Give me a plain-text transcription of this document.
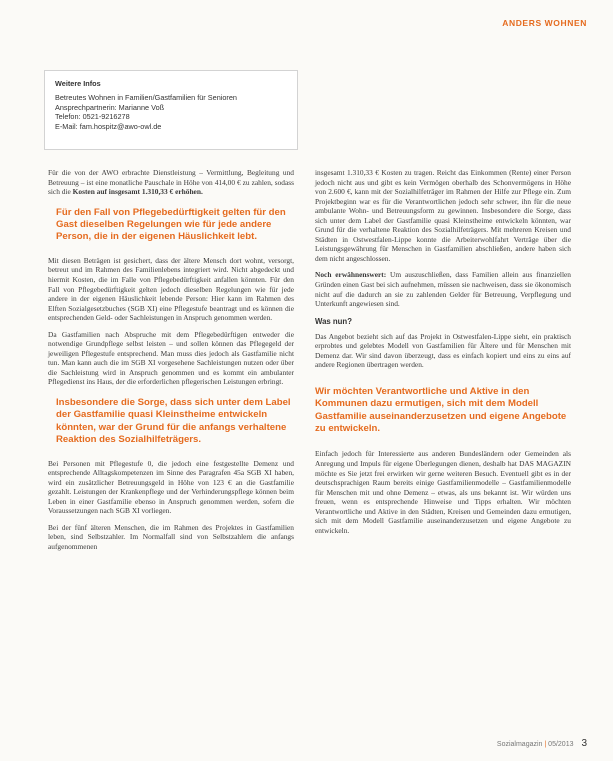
ANDERS WOHNEN
Weitere Infos
Betreutes Wohnen in Familien/Gastfamilien für Senioren
Ansprechpartnerin: Marianne Voß
Telefon: 0521-9216278
E-Mail: fam.hospitz@awo-owl.de

Für die von der AWO erbrachte Dienstleistung – Vermittlung, Begleitung und Betreuung – ist eine monatliche Pauschale in Höhe von 414,00 € zu zahlen, sodass sich die Kosten auf insgesamt 1.310,33 € erhöhen.

Für den Fall von Pflegebedürftigkeit gelten für den Gast dieselben Regelungen wie für jede andere Person, die in der eigenen Häuslichkeit lebt.

Mit diesen Beträgen ist gesichert, dass der ältere Mensch dort wohnt, versorgt, betreut und im Rahmen des Familienlebens integriert wird. Nicht abgedeckt und hiermit Kosten, die im Falle von Pflegebedürftigkeit anfallen könnten. Für den Fall von Pflegebedürftigkeit gelten jedoch dieselben Regelungen wie für jede andere in der eigenen Häuslichkeit lebende Person: Hier kann im Rahmen des Elften Sozialgesetzbuches (SGB XI) eine Pflegestufe beantragt und es können die entsprechenden Geld- oder Sachleistungen in Anspruch genommen werden.

Da Gastfamilien nach Abspruche mit dem Pflegebedürftigen entweder die notwendige Grundpflege selbst leisten – und sollen können das Pflegegeld der jeweiligen Pflegestufe entsprechend. Man muss dies jedoch als Gastfamilie nicht tun. Man kann auch die im SGB XI vorgesehene Sachleistungen nutzen oder über die Sachleistung wird in Anspruch genommen und es kommt ein ambulanter Pflegedienst ins Haus, der die erforderlichen pflegerischen Leistungen erbringt.

Insbesondere die Sorge, dass sich unter dem Label der Gastfamilie quasi Kleinstheime entwickeln könnten, war der Grund für die anfangs verhaltene Reaktion des Sozialhilfeträgers.

Bei Personen mit Pflegestufe 0, die jedoch eine festgestellte Demenz und entsprechende Alltagskompetenzen im Sinne des Paragrafen 45a SGB XI haben, wird ein zusätzlicher Betreuungsgeld in Höhe von 123 € an die Gastfamilie gezahlt. Leistungen der Krankenpflege und der Verhinderungspflege können beim Leben in einer Gastfamilie ebenso in Anspruch genommen werden, sofern die Voraussetzungen nach SGB XI vorliegen.

Bei der fünf älteren Menschen, die im Rahmen des Projektes in Gastfamilien leben, sind Selbstzahler. Im Normalfall sind von Selbstzahlern die anfangs aufgenommenen

insgesamt 1.310,33 € Kosten zu tragen. Reicht das Einkommen (Rente) einer Person jedoch nicht aus und gibt es kein Vermögen oberhalb des Schonvermögens in Höhe von 2.600 €, kann mit der Sozialhilfeträger im Rahmen der Hilfe zur Pflege ein. Zum Projektbeginn war es für die Verantwortlichen jedoch sehr schwer, ihn für die neue ambulante Wohn- und Betreuungsform zu gewinnen. Insbesondere die Sorge, dass sich unter dem Label der Gastfamilie quasi Kleinstheime entwickeln könnten, war Grund für die verhaltene Reaktion des Sozialhilfeträgers. Mit mehreren Kreisen und Städten in Ostwestfalen-Lippe konnte die Arbeiterwohlfahrt Verträge über die Leistungsgewährung für Menschen in Gastfamilien abschließen, andere haben sich dem nicht angeschlossen.

Noch erwähnenswert: Um auszuschließen, dass Familien allein aus finanziellen Gründen einen Gast bei sich aufnehmen, müssen sie nachweisen, dass sie ökonomisch nicht auf die dadurch an sie zu zahlenden Gelder für Betreuung, Verpflegung und Unterkunft angewiesen sind.

Was nun?

Das Angebot bezieht sich auf das Projekt in Ostwestfalen-Lippe sieht, ein praktisch erprobtes und gelebtes Modell von Gastfamilien für Ältere und für Menschen mit Demenz dar. Wir sind davon überzeugt, dass es einfach kopiert und eins zu eins auf andere Regionen übertragen werden.

Wir möchten Verantwortliche und Aktive in den Kommunen dazu ermutigen, sich mit dem Modell Gastfamilie auseinanderzusetzen und eigene Angebote zu entwickeln.

Einfach jedoch für Interessierte aus anderen Bundesländern oder Gemeinden als Anregung und Impuls für eigene Überlegungen dienen, deshalb hat DAS MAGAZIN möchte es Sie jetzt frei erwirken wir gerne weiteren Besuch. Eventuell gibt es in der deutschsprachigen Raum bereits einige Gastfamilienmodelle – Gastfamilienmodelle für Menschen mit und ohne Demenz – etwas, als uns bekannt ist. Wir würden uns freuen, wenn es entsprechende Hinweise und Tipps erhalten. Wir möchten Verantwortliche und Aktive in den Städten, Kreisen und Gemeinden dazu ermutigen, sich mit dem Modell Gastfamilie auseinanderzusetzen und eigene Angebote zu entwickeln.

Sozialmagazin | 05/2013 3
